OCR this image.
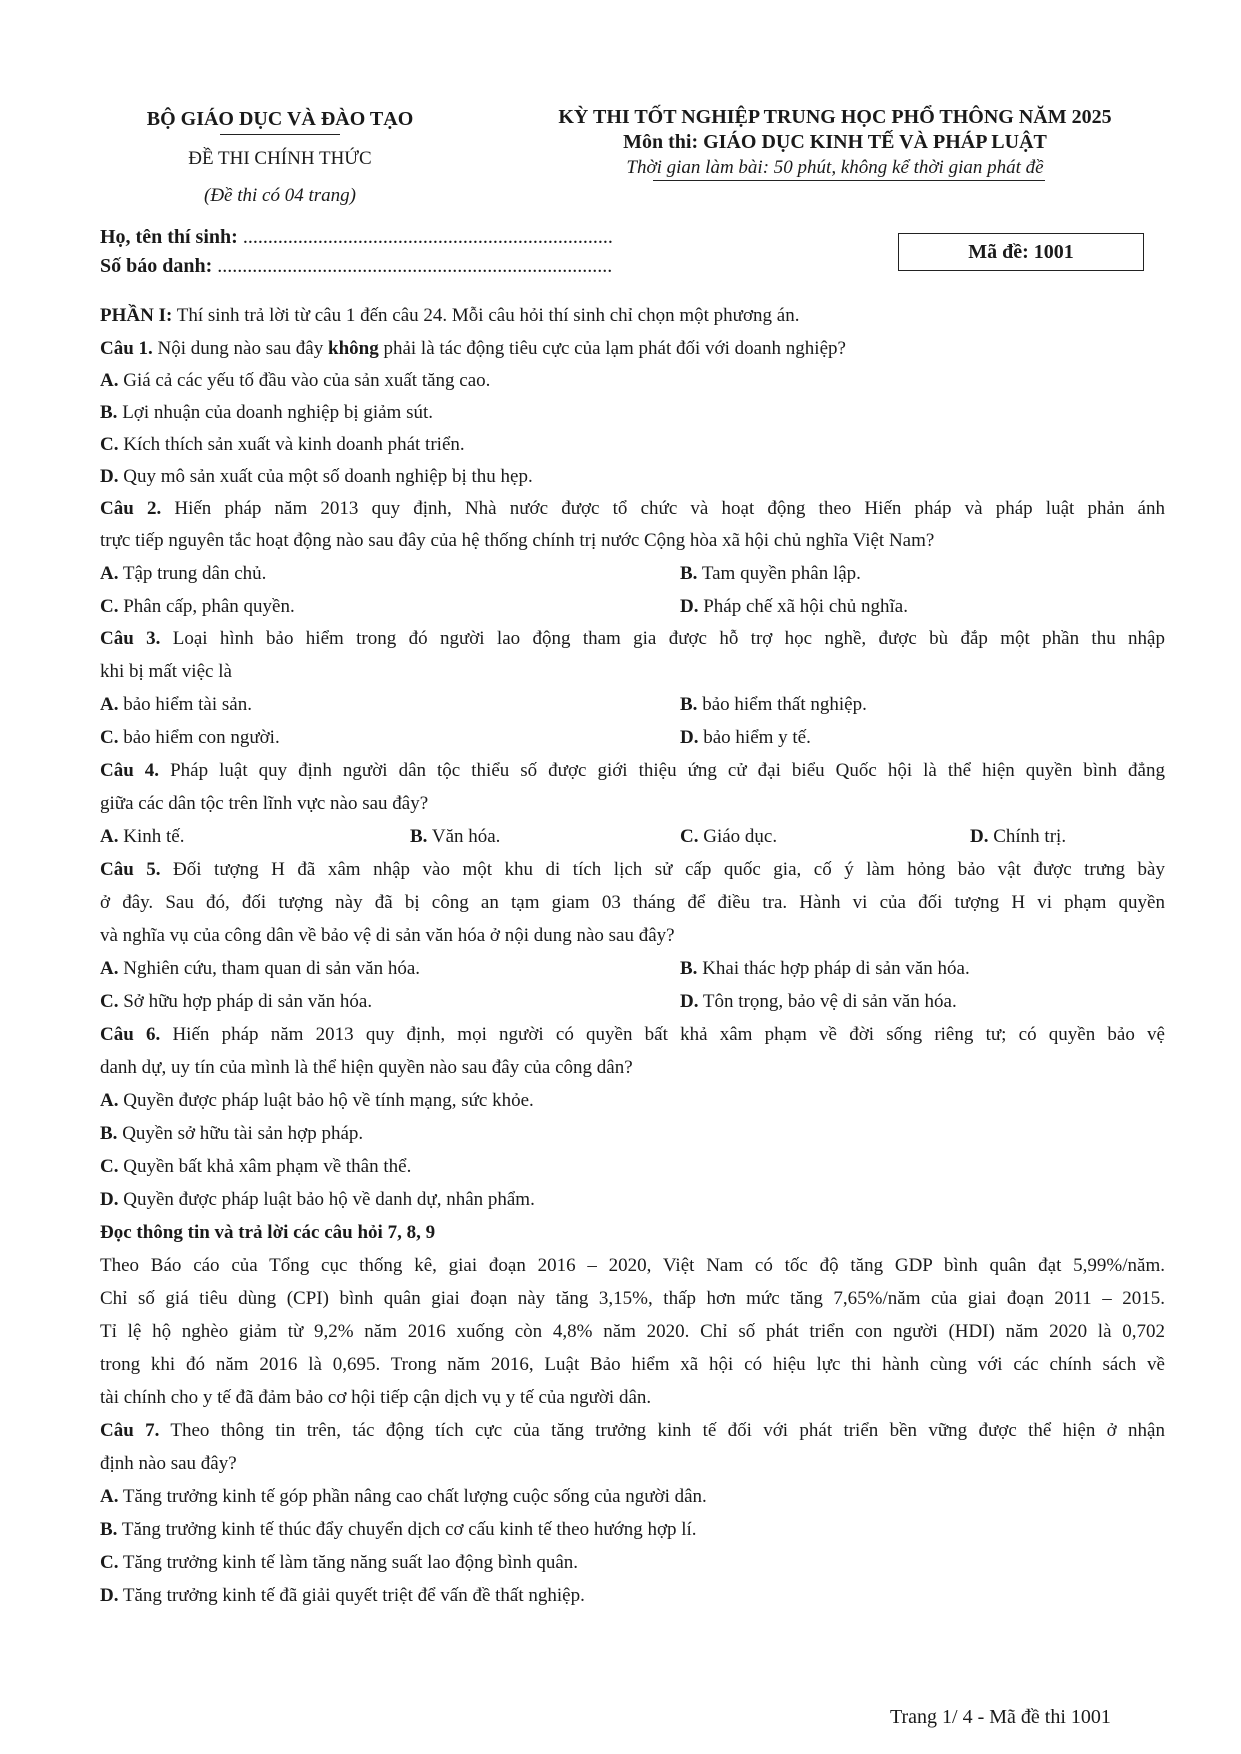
BỘ GIÁO DỤC VÀ ĐÀO TẠO
ĐỀ THI CHÍNH THỨC
(Đề thi có 04 trang)
KỲ THI TỐT NGHIỆP TRUNG HỌC PHỔ THÔNG NĂM 2025
Môn thi: GIÁO DỤC KINH TẾ VÀ PHÁP LUẬT
Thời gian làm bài: 50 phút, không kể thời gian phát đề
Họ, tên thí sinh: ..........................................................................
Số báo danh: ...............................................................................
Mã đề: 1001
PHẦN I: Thí sinh trả lời từ câu 1 đến câu 24. Mỗi câu hỏi thí sinh chỉ chọn một phương án.
Câu 1. Nội dung nào sau đây không phải là tác động tiêu cực của lạm phát đối với doanh nghiệp?
A. Giá cả các yếu tố đầu vào của sản xuất tăng cao.
B. Lợi nhuận của doanh nghiệp bị giảm sút.
C. Kích thích sản xuất và kinh doanh phát triển.
D. Quy mô sản xuất của một số doanh nghiệp bị thu hẹp.
Câu 2. Hiến pháp năm 2013 quy định, Nhà nước được tổ chức và hoạt động theo Hiến pháp và pháp luật phản ánh
trực tiếp nguyên tắc hoạt động nào sau đây của hệ thống chính trị nước Cộng hòa xã hội chủ nghĩa Việt Nam?
A. Tập trung dân chủ.	B. Tam quyền phân lập.
C. Phân cấp, phân quyền.	D. Pháp chế xã hội chủ nghĩa.
Câu 3. Loại hình bảo hiểm trong đó người lao động tham gia được hỗ trợ học nghề, được bù đắp một phần thu nhập
khi bị mất việc là
A. bảo hiểm tài sản.	B. bảo hiểm thất nghiệp.
C. bảo hiểm con người.	D. bảo hiểm y tế.
Câu 4. Pháp luật quy định người dân tộc thiểu số được giới thiệu ứng cử đại biểu Quốc hội là thể hiện quyền bình đẳng
giữa các dân tộc trên lĩnh vực nào sau đây?
A. Kinh tế.	B. Văn hóa.	C. Giáo dục.	D. Chính trị.
Câu 5. Đối tượng H đã xâm nhập vào một khu di tích lịch sử cấp quốc gia, cố ý làm hỏng bảo vật được trưng bày
ở đây. Sau đó, đối tượng này đã bị công an tạm giam 03 tháng để điều tra. Hành vi của đối tượng H vi phạm quyền
và nghĩa vụ của công dân về bảo vệ di sản văn hóa ở nội dung nào sau đây?
A. Nghiên cứu, tham quan di sản văn hóa.	B. Khai thác hợp pháp di sản văn hóa.
C. Sở hữu hợp pháp di sản văn hóa.	D. Tôn trọng, bảo vệ di sản văn hóa.
Câu 6. Hiến pháp năm 2013 quy định, mọi người có quyền bất khả xâm phạm về đời sống riêng tư; có quyền bảo vệ
danh dự, uy tín của mình là thể hiện quyền nào sau đây của công dân?
A. Quyền được pháp luật bảo hộ về tính mạng, sức khỏe.
B. Quyền sở hữu tài sản hợp pháp.
C. Quyền bất khả xâm phạm về thân thể.
D. Quyền được pháp luật bảo hộ về danh dự, nhân phẩm.
Đọc thông tin và trả lời các câu hỏi 7, 8, 9
Theo Báo cáo của Tổng cục thống kê, giai đoạn 2016 – 2020, Việt Nam có tốc độ tăng GDP bình quân đạt 5,99%/năm.
Chỉ số giá tiêu dùng (CPI) bình quân giai đoạn này tăng 3,15%, thấp hơn mức tăng 7,65%/năm của giai đoạn 2011 – 2015.
Tỉ lệ hộ nghèo giảm từ 9,2% năm 2016 xuống còn 4,8% năm 2020. Chỉ số phát triển con người (HDI) năm 2020 là 0,702
trong khi đó năm 2016 là 0,695. Trong năm 2016, Luật Bảo hiểm xã hội có hiệu lực thi hành cùng với các chính sách về
tài chính cho y tế đã đảm bảo cơ hội tiếp cận dịch vụ y tế của người dân.
Câu 7. Theo thông tin trên, tác động tích cực của tăng trưởng kinh tế đối với phát triển bền vững được thể hiện ở nhận
định nào sau đây?
A. Tăng trưởng kinh tế góp phần nâng cao chất lượng cuộc sống của người dân.
B. Tăng trưởng kinh tế thúc đẩy chuyển dịch cơ cấu kinh tế theo hướng hợp lí.
C. Tăng trưởng kinh tế làm tăng năng suất lao động bình quân.
D. Tăng trưởng kinh tế đã giải quyết triệt để vấn đề thất nghiệp.
Trang 1/ 4 - Mã đề thi 1001
